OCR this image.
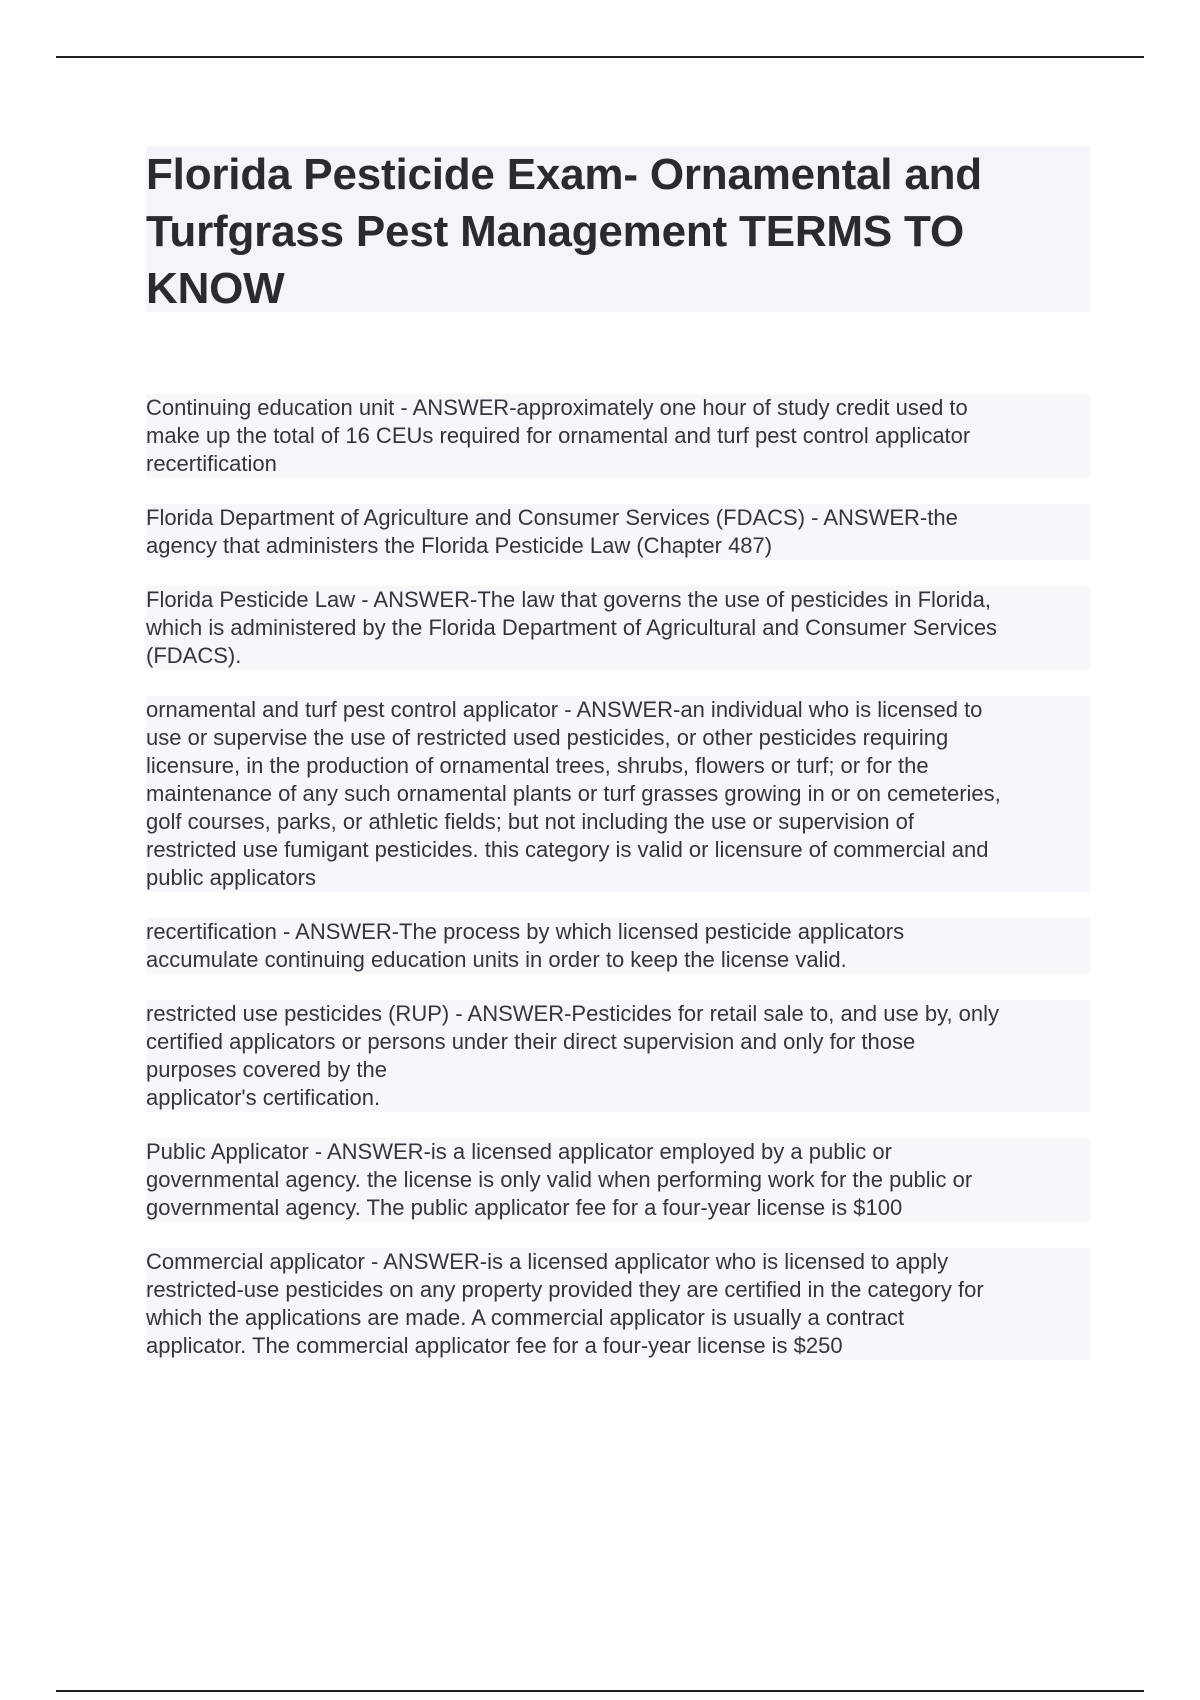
Florida Pesticide Exam- Ornamental and
Turfgrass Pest Management TERMS TO
KNOW
Continuing education unit - ANSWER-approximately one hour of study credit used to
make up the total of 16 CEUs required for ornamental and turf pest control applicator
recertification
Florida Department of Agriculture and Consumer Services (FDACS) - ANSWER-the
agency that administers the Florida Pesticide Law (Chapter 487)
Florida Pesticide Law - ANSWER-The law that governs the use of pesticides in Florida,
which is administered by the Florida Department of Agricultural and Consumer Services
(FDACS).
ornamental and turf pest control applicator - ANSWER-an individual who is licensed to
use or supervise the use of restricted used pesticides, or other pesticides requiring
licensure, in the production of ornamental trees, shrubs, flowers or turf; or for the
maintenance of any such ornamental plants or turf grasses growing in or on cemeteries,
golf courses, parks, or athletic fields; but not including the use or supervision of
restricted use fumigant pesticides. this category is valid or licensure of commercial and
public applicators
recertification - ANSWER-The process by which licensed pesticide applicators
accumulate continuing education units in order to keep the license valid.
restricted use pesticides (RUP) - ANSWER-Pesticides for retail sale to, and use by, only
certified applicators or persons under their direct supervision and only for those
purposes covered by the
applicator's certification.
Public Applicator - ANSWER-is a licensed applicator employed by a public or
governmental agency. the license is only valid when performing work for the public or
governmental agency. The public applicator fee for a four-year license is $100
Commercial applicator - ANSWER-is a licensed applicator who is licensed to apply
restricted-use pesticides on any property provided they are certified in the category for
which the applications are made. A commercial applicator is usually a contract
applicator. The commercial applicator fee for a four-year license is $250
